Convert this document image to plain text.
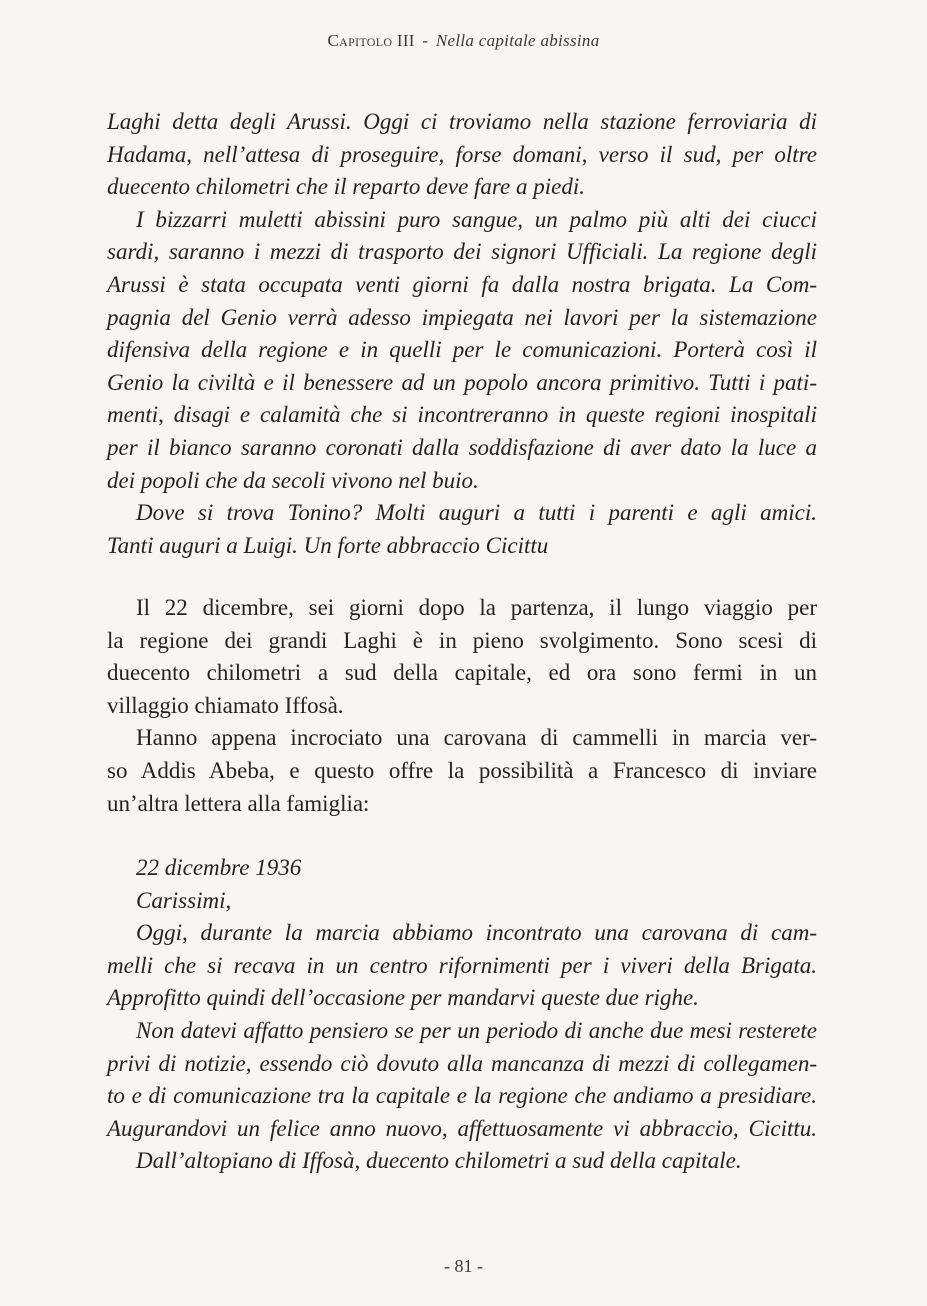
Capitolo III - Nella capitale abissina
Laghi detta degli Arussi. Oggi ci troviamo nella stazione ferroviaria di
Hadama, nell’attesa di proseguire, forse domani, verso il sud, per oltre
duecento chilometri che il reparto deve fare a piedi.
I bizzarri muletti abissini puro sangue, un palmo più alti dei ciucci
sardi, saranno i mezzi di trasporto dei signori Ufficiali. La regione degli
Arussi è stata occupata venti giorni fa dalla nostra brigata. La Com-
pagnia del Genio verrà adesso impiegata nei lavori per la sistemazione
difensiva della regione e in quelli per le comunicazioni. Porterà così il
Genio la civiltà e il benessere ad un popolo ancora primitivo. Tutti i pati-
menti, disagi e calamità che si incontreranno in queste regioni inospitali
per il bianco saranno coronati dalla soddisfazione di aver dato la luce a
dei popoli che da secoli vivono nel buio.
Dove si trova Tonino? Molti auguri a tutti i parenti e agli amici.
Tanti auguri a Luigi. Un forte abbraccio Cicittu
Il 22 dicembre, sei giorni dopo la partenza, il lungo viaggio per
la regione dei grandi Laghi è in pieno svolgimento. Sono scesi di
duecento chilometri a sud della capitale, ed ora sono fermi in un
villaggio chiamato Iffosà.
Hanno appena incrociato una carovana di cammelli in marcia ver-
so Addis Abeba, e questo offre la possibilità a Francesco di inviare
un’altra lettera alla famiglia:
22 dicembre 1936
Carissimi,
Oggi, durante la marcia abbiamo incontrato una carovana di cam-
melli che si recava in un centro rifornimenti per i viveri della Brigata.
Approfitto quindi dell’occasione per mandarvi queste due righe.
Non datevi affatto pensiero se per un periodo di anche due mesi resterete
privi di notizie, essendo ciò dovuto alla mancanza di mezzi di collegamen-
to e di comunicazione tra la capitale e la regione che andiamo a presidiare.
Augurandovi un felice anno nuovo, affettuosamente vi abbraccio, Cicittu.
Dall’altopiano di Iffosà, duecento chilometri a sud della capitale.
- 81 -
